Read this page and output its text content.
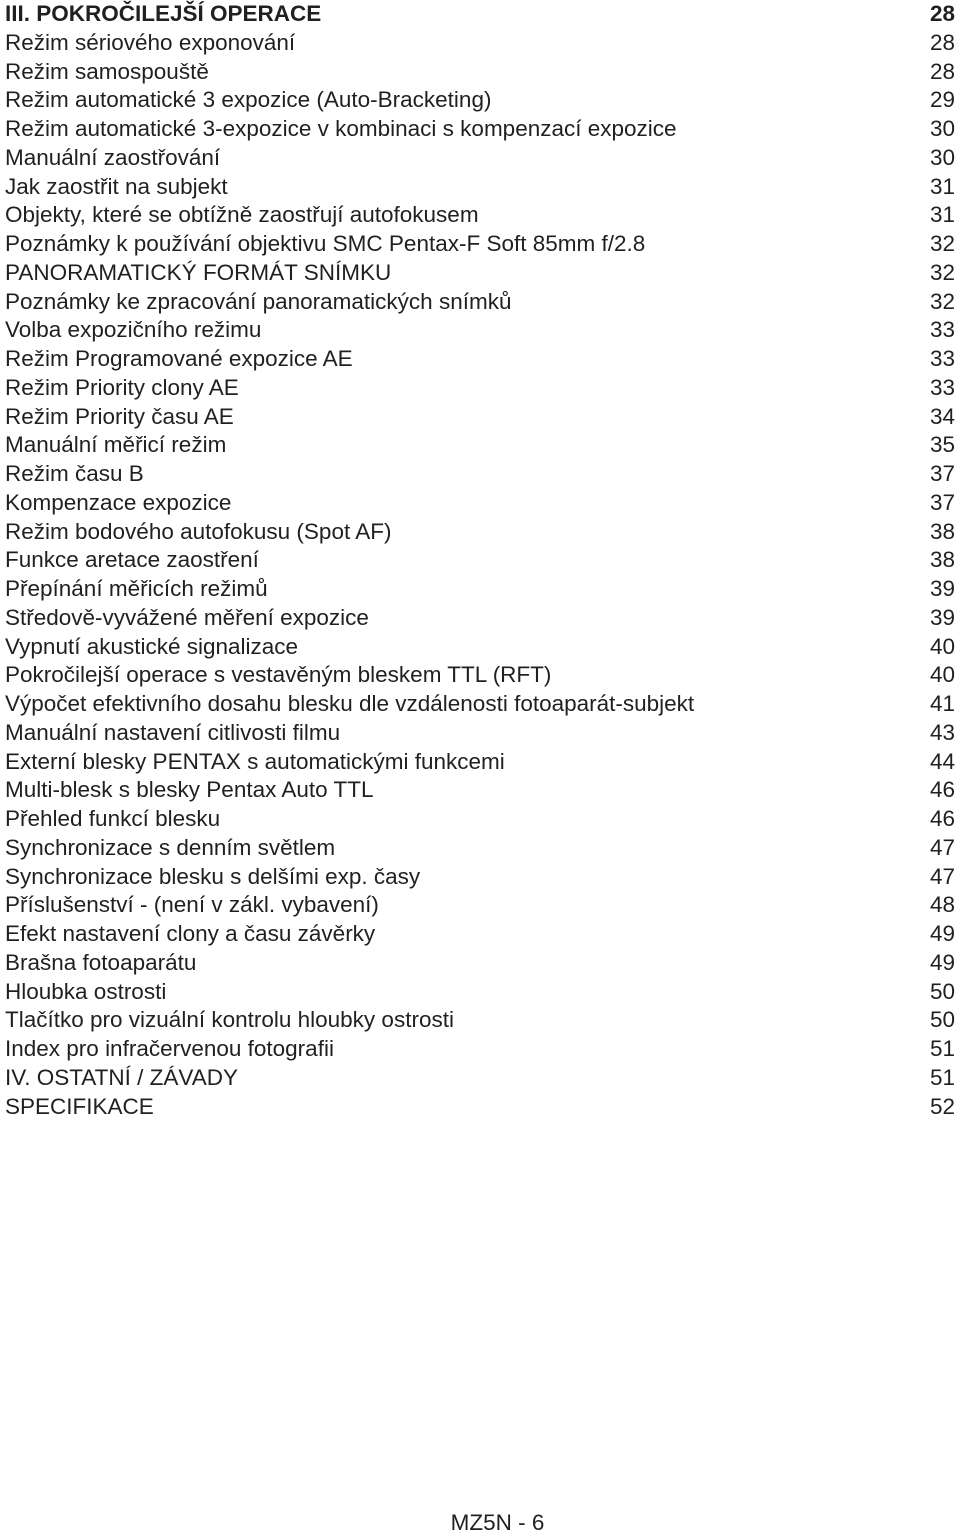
III. POKROČILEJŠÍ OPERACE	28
Režim sériového exponování	28
Režim samospouště	28
Režim automatické 3 expozice (Auto-Bracketing)	29
Režim automatické 3-expozice v kombinaci s kompenzací expozice	30
Manuální zaostřování	30
Jak zaostřit na subjekt	31
Objekty, které se obtížně zaostřují autofokusem	31
Poznámky k používání objektivu SMC Pentax-F Soft 85mm f/2.8	32
PANORAMATICKÝ FORMÁT SNÍMKU	32
Poznámky ke zpracování panoramatických snímků	32
Volba expozičního režimu	33
Režim Programované expozice AE	33
Režim Priority clony AE	33
Režim Priority času AE	34
Manuální měřicí režim	35
Režim času B	37
Kompenzace expozice	37
Režim bodového autofokusu (Spot AF)	38
Funkce aretace zaostření	38
Přepínání měřicích režimů	39
Středově-vyvážené měření expozice	39
Vypnutí akustické signalizace	40
Pokročilejší operace s vestavěným bleskem TTL (RFT)	40
Výpočet efektivního dosahu blesku dle vzdálenosti fotoaparát-subjekt	41
Manuální nastavení citlivosti filmu	43
Externí blesky PENTAX s automatickými funkcemi	44
Multi-blesk s blesky Pentax Auto TTL	46
Přehled funkcí blesku	46
Synchronizace s denním světlem	47
Synchronizace blesku s delšími exp. časy	47
Příslušenství - (není v zákl. vybavení)	48
Efekt nastavení clony a času závěrky	49
Brašna fotoaparátu	49
Hloubka ostrosti	50
Tlačítko pro vizuální kontrolu hloubky ostrosti	50
Index pro infračervenou fotografii	51
IV. OSTATNÍ / ZÁVADY	51
SPECIFIKACE	52
MZ5N - 6
